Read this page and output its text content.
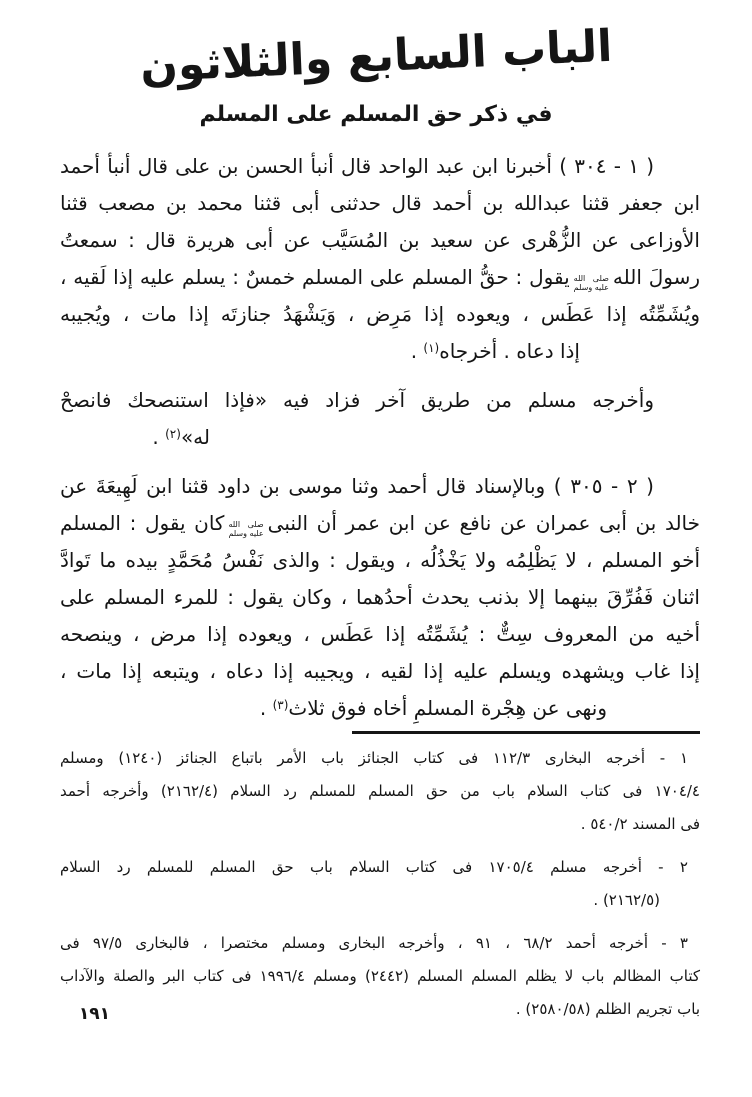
الباب السابع والثلاثون
في ذكر حق المسلم على المسلم
( ١ - ٣٠٤ ) أخبرنا ابن عبد الواحد قال أنبأ الحسن بن على قال أنبأ أحمد
ابن جعفر قثنا عبدالله بن أحمد قال حدثنى أبى قثنا محمد بن مصعب قثنا
الأوزاعى عن الزُّهْرى عن سعيد بن المُسَيَّب عن أبى هريرة قال : سمعتُ
رسولَ الله
صلى الله
عليه وسلم
يقول : حقُّ المسلم على المسلم خمسٌ : يسلم عليه إذا لَقيه ،
ويُشَمِّتُه إذا عَطَس ، ويعوده إذا مَرِض ، وَيَشْهَدُ جنازتَه إذا مات ، ويُجيبه
إذا دعاه . أخرجاه$^{(١)}$ .
وأخرجه مسلم من طريق آخر فزاد فيه «فإذا استنصحك فانصحْ
له»$^{(٢)}$ .
( ٢ - ٣٠٥ ) وبالإسناد قال أحمد وثنا موسى بن داود قثنا ابن لَهِيعَةَ عن
خالد بن أبى عمران عن نافع عن ابن عمر أن النبى
صلى الله
عليه وسلم
كان يقول : المسلم
أخو المسلم ، لا يَظْلِمُه ولا يَخْذُلُه ، ويقول : والذى نَفْسُ مُحَمَّدٍ بيده ما تَوادَّ
اثنان فَفُرِّقَ بينهما إلا بذنب يحدث أحدُهما ، وكان يقول : للمرء المسلم على
أخيه من المعروف سِتٌّ : يُشَمِّتُه إذا عَطَس ، ويعوده إذا مرض ، وينصحه
إذا غاب ويشهده ويسلم عليه إذا لقيه ، ويجيبه إذا دعاه ، ويتبعه إذا مات ،
ونهى عن هِجْرة المسلمِ أخاه فوق ثلاث$^{(٣)}$ .
١ - أخرجه البخارى ١١٢/٣ فى كتاب الجنائز باب الأمر باتباع الجنائز (١٢٤٠) ومسلم
١٧٠٤/٤ فى كتاب السلام باب من حق المسلم للمسلم رد السلام (٢١٦٢/٤) وأخرجه أحمد
فى المسند ٥٤٠/٢ .
٢ - أخرجه مسلم ١٧٠٥/٤ فى كتاب السلام باب حق المسلم للمسلم رد السلام
(٢١٦٢/٥) .
٣ - أخرجه أحمد ٦٨/٢ ، ٩١ ، وأخرجه البخارى ومسلم مختصرا ، فالبخارى ٩٧/٥ فى
كتاب المظالم باب لا يظلم المسلم المسلم (٢٤٤٢) ومسلم ١٩٩٦/٤ فى كتاب البر والصلة والآداب
باب تجريم الظلم (٢٥٨٠/٥٨) .
١٩١
